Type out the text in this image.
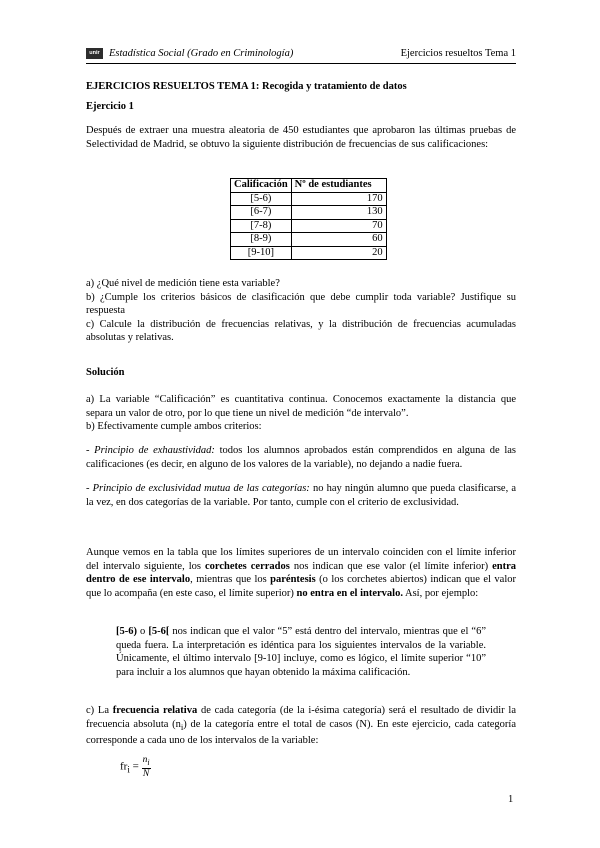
unir Estadística Social (Grado en Criminología)	Ejercicios resueltos Tema 1
EJERCICIOS RESUELTOS TEMA 1: Recogida y tratamiento de datos
Ejercicio 1

Después de extraer una muestra aleatoria de 450 estudiantes que aprobaron las últimas pruebas de Selectividad de Madrid, se obtuvo la siguiente distribución de frecuencias de sus calificaciones:

Calificación	Nº de estudiantes
[5-6)	170
[6-7)	130
[7-8)	70
[8-9)	60
[9-10]	20

a) ¿Qué nivel de medición tiene esta variable?

b) ¿Cumple los criterios básicos de clasificación que debe cumplir toda variable? Justifique su respuesta

c) Calcule la distribución de frecuencias relativas, y la distribución de frecuencias acumuladas absolutas y relativas.

Solución

a) La variable “Calificación” es cuantitativa continua. Conocemos exactamente la distancia que separa un valor de otro, por lo que tiene un nivel de medición “de intervalo”.

b) Efectivamente cumple ambos criterios:

- Principio de exhaustividad: todos los alumnos aprobados están comprendidos en alguna de las calificaciones (es decir, en alguno de los valores de la variable), no dejando a nadie fuera.

- Principio de exclusividad mutua de las categorías: no hay ningún alumno que pueda clasificarse, a la vez, en dos categorías de la variable. Por tanto, cumple con el criterio de exclusividad.

Aunque vemos en la tabla que los límites superiores de un intervalo coinciden con el límite inferior del intervalo siguiente, los corchetes cerrados nos indican que ese valor (el límite inferior) entra dentro de ese intervalo, mientras que los paréntesis (o los corchetes abiertos) indican que el valor que lo acompaña (en este caso, el límite superior) no entra en el intervalo. Así, por ejemplo:

[5-6) o [5-6[ nos indican que el valor “5” está dentro del intervalo, mientras que el “6” queda fuera. La interpretación es idéntica para los siguientes intervalos de la variable. Únicamente, el último intervalo [9-10] incluye, como es lógico, el límite superior “10” para incluir a los alumnos que hayan obtenido la máxima calificación.

c) La frecuencia relativa de cada categoría (de la i-ésima categoría) será el resultado de dividir la frecuencia absoluta $(n_i)$ de la categoría entre el total de casos (N). En este ejercicio, cada categoría corresponde a cada uno de los intervalos de la variable:

$fr_i = \frac{n_i}{N}$
1
